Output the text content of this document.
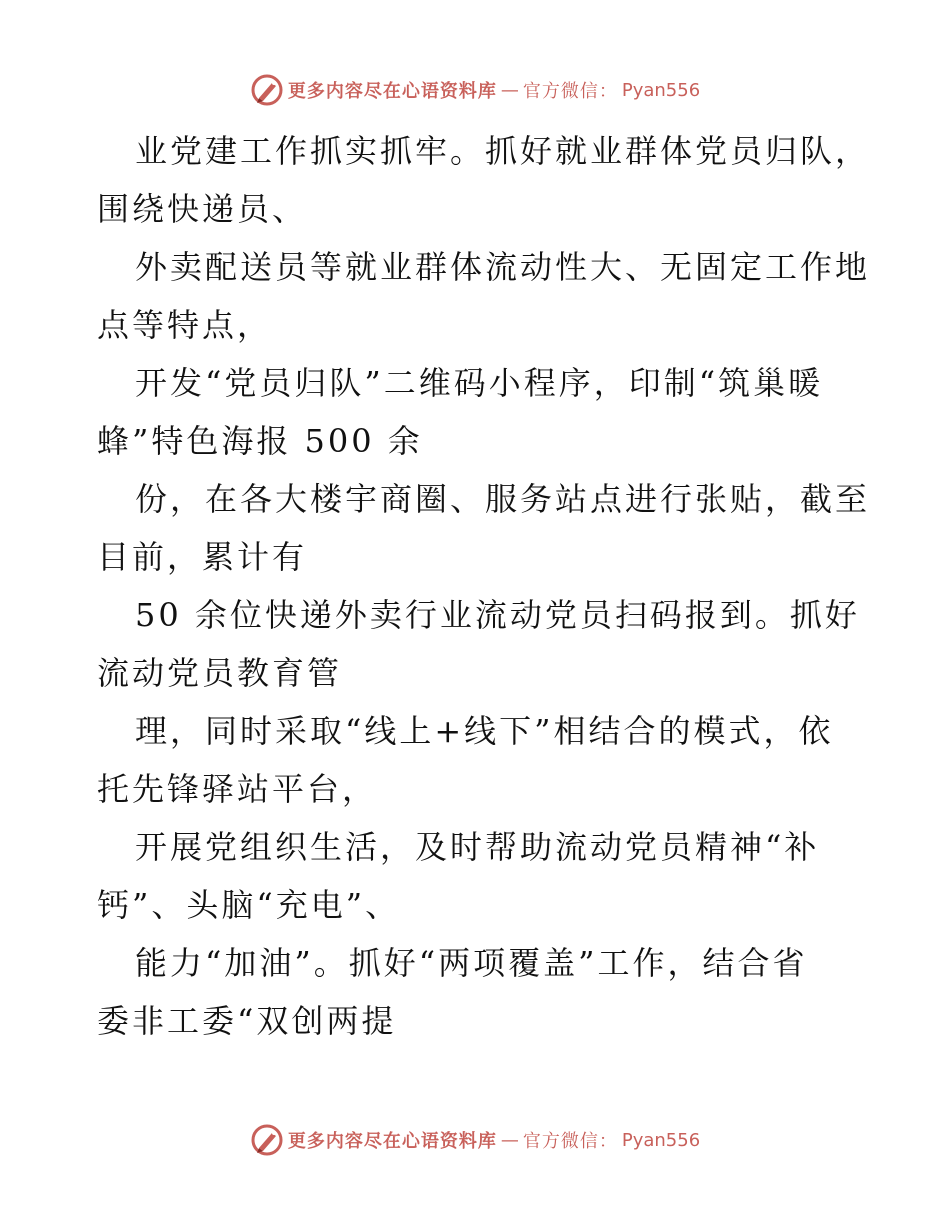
更多内容尽在心语资料库 — 官方微信： Pyan556
业党建工作抓实抓牢。抓好就业群体党员归队，
围绕快递员、
外卖配送员等就业群体流动性大、无固定工作地
点等特点，
开发“党员归队”二维码小程序，印制“筑巢暖
蜂”特色海报 500 余
份，在各大楼宇商圈、服务站点进行张贴，截至
目前，累计有
50 余位快递外卖行业流动党员扫码报到。抓好
流动党员教育管
理，同时采取“线上+线下”相结合的模式，依
托先锋驿站平台，
开展党组织生活，及时帮助流动党员精神“补
钙”、头脑“充电”、
能力“加油”。抓好“两项覆盖”工作，结合省
委非工委“双创两提
更多内容尽在心语资料库 — 官方微信： Pyan556
